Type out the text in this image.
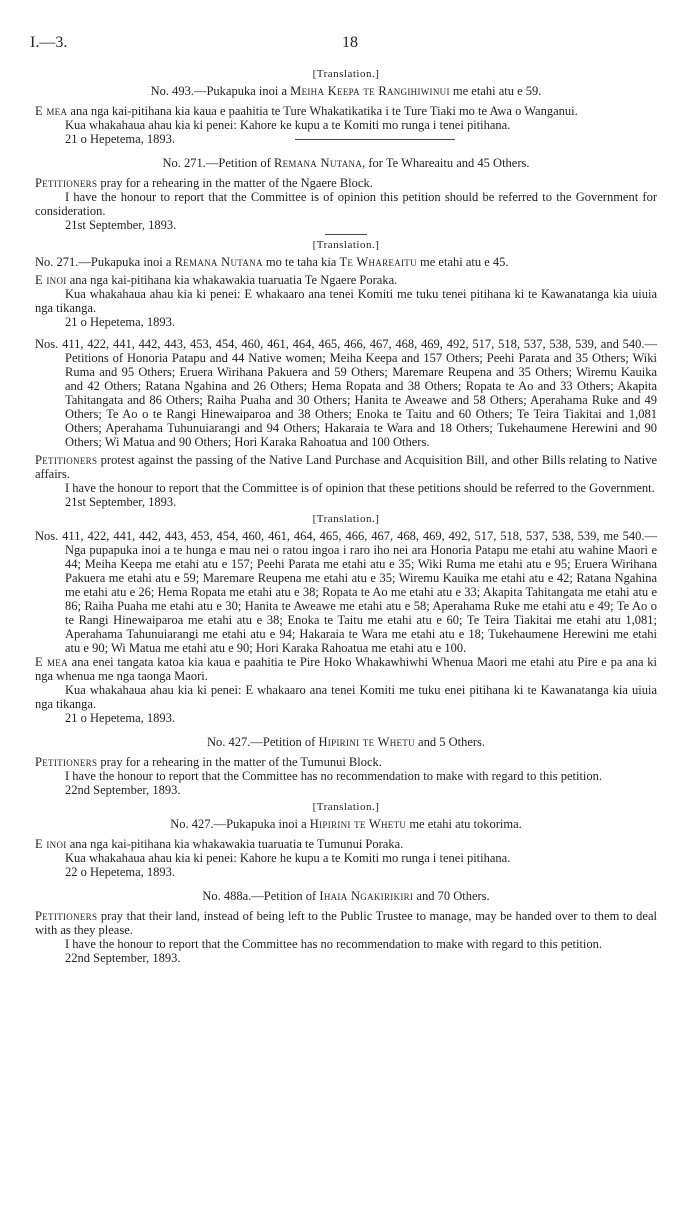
I.—3.	18
[Translation.]
No. 493.—Pukapuka inoi a Meiha Keepa te Rangihiwinui me etahi atu e 59.

E mea ana nga kai-pitihana kia kaua e paahitia te Ture Whakatikatika i te Ture Tiaki mo te Awa o Wanganui.

Kua whakahaua ahau kia ki penei: Kahore ke kupu a te Komiti mo runga i tenei pitihana.

21 o Hepetema, 1893.

No. 271.—Petition of Remana Nutana, for Te Whareaitu and 45 Others.

Petitioners pray for a rehearing in the matter of the Ngaere Block.

I have the honour to report that the Committee is of opinion this petition should be referred to the Government for consideration.

21st September, 1893.

[Translation.]
No. 271.—Pukapuka inoi a Remana Nutana mo te taha kia Te Whareaitu me etahi atu e 45.

E inoi ana nga kai-pitihana kia whakawakia tuaruatia Te Ngaere Poraka.

Kua whakahaua ahau kia ki penei: E whakaaro ana tenei Komiti me tuku tenei pitihana ki te Kawanatanga kia uiuia nga tikanga.

21 o Hepetema, 1893.

Nos. 411, 422, 441, 442, 443, 453, 454, 460, 461, 464, 465, 466, 467, 468, 469, 492, 517, 518, 537, 538, 539, and 540.—Petitions of Honoria Patapu and 44 Native women; Meiha Keepa and 157 Others; Peehi Parata and 35 Others; Wiki Ruma and 95 Others; Eruera Wirihana Pakuera and 59 Others; Maremare Reupena and 35 Others; Wiremu Kauika and 42 Others; Ratana Ngahina and 26 Others; Hema Ropata and 38 Others; Ropata te Ao and 33 Others; Akapita Tahitangata and 86 Others; Raiha Puaha and 30 Others; Hanita te Aweawe and 58 Others; Aperahama Ruke and 49 Others; Te Ao o te Rangi Hinewaiparoa and 38 Others; Enoka te Taitu and 60 Others; Te Teira Tiakitai and 1,081 Others; Aperahama Tuhunuiarangi and 94 Others; Hakaraia te Wara and 18 Others; Tukehaumene Herewini and 90 Others; Wi Matua and 90 Others; Hori Karaka Rahoatua and 100 Others.

Petitioners protest against the passing of the Native Land Purchase and Acquisition Bill, and other Bills relating to Native affairs.

I have the honour to report that the Committee is of opinion that these petitions should be referred to the Government.

21st September, 1893.

[Translation.]

Nos. 411, 422, 441, 442, 443, 453, 454, 460, 461, 464, 465, 466, 467, 468, 469, 492, 517, 518, 537, 538, 539, me 540.—Nga pupapuka inoi a te hunga e mau nei o ratou ingoa i raro iho nei ara Honoria Patapu me etahi atu wahine Maori e 44; Meiha Keepa me etahi atu e 157; Peehi Parata me etahi atu e 35; Wiki Ruma me etahi atu e 95; Eruera Wirihana Pakuera me etahi atu e 59; Maremare Reupena me etahi atu e 35; Wiremu Kauika me etahi atu e 42; Ratana Ngahina me etahi atu e 26; Hema Ropata me etahi atu e 38; Ropata te Ao me etahi atu e 33; Akapita Tahitangata me etahi atu e 86; Raiha Puaha me etahi atu e 30; Hanita te Aweawe me etahi atu e 58; Aperahama Ruke me etahi atu e 49; Te Ao o te Rangi Hinewaiparoa me etahi atu e 38; Enoka te Taitu me etahi atu e 60; Te Teira Tiakitai me etahi atu 1,081; Aperahama Tahunuiarangi me etahi atu e 94; Hakaraia te Wara me etahi atu e 18; Tukehaumene Herewini me etahi atu e 90; Wi Matua me etahi atu e 90; Hori Karaka Rahoatua me etahi atu e 100.

E mea ana enei tangata katoa kia kaua e paahitia te Pire Hoko Whakawhiwhi Whenua Maori me etahi atu Pire e pa ana ki nga whenua me nga taonga Maori.

Kua whakahaua ahau kia ki penei: E whakaaro ana tenei Komiti me tuku enei pitihana ki te Kawanatanga kia uiuia nga tikanga.

21 o Hepetema, 1893.

No. 427.—Petition of Hipirini te Whetu and 5 Others.

Petitioners pray for a rehearing in the matter of the Tumunui Block.

I have the honour to report that the Committee has no recommendation to make with regard to this petition.

22nd September, 1893.

[Translation.]
No. 427.—Pukapuka inoi a Hipirini te Whetu me etahi atu tokorima.

E inoi ana nga kai-pitihana kia whakawakia tuaruatia te Tumunui Poraka.

Kua whakahaua ahau kia ki penei: Kahore he kupu a te Komiti mo runga i tenei pitihana.

22 o Hepetema, 1893.

No. 488a.—Petition of Ihaia Ngakirikiri and 70 Others.

Petitioners pray that their land, instead of being left to the Public Trustee to manage, may be handed over to them to deal with as they please.

I have the honour to report that the Committee has no recommendation to make with regard to this petition.

22nd September, 1893.
